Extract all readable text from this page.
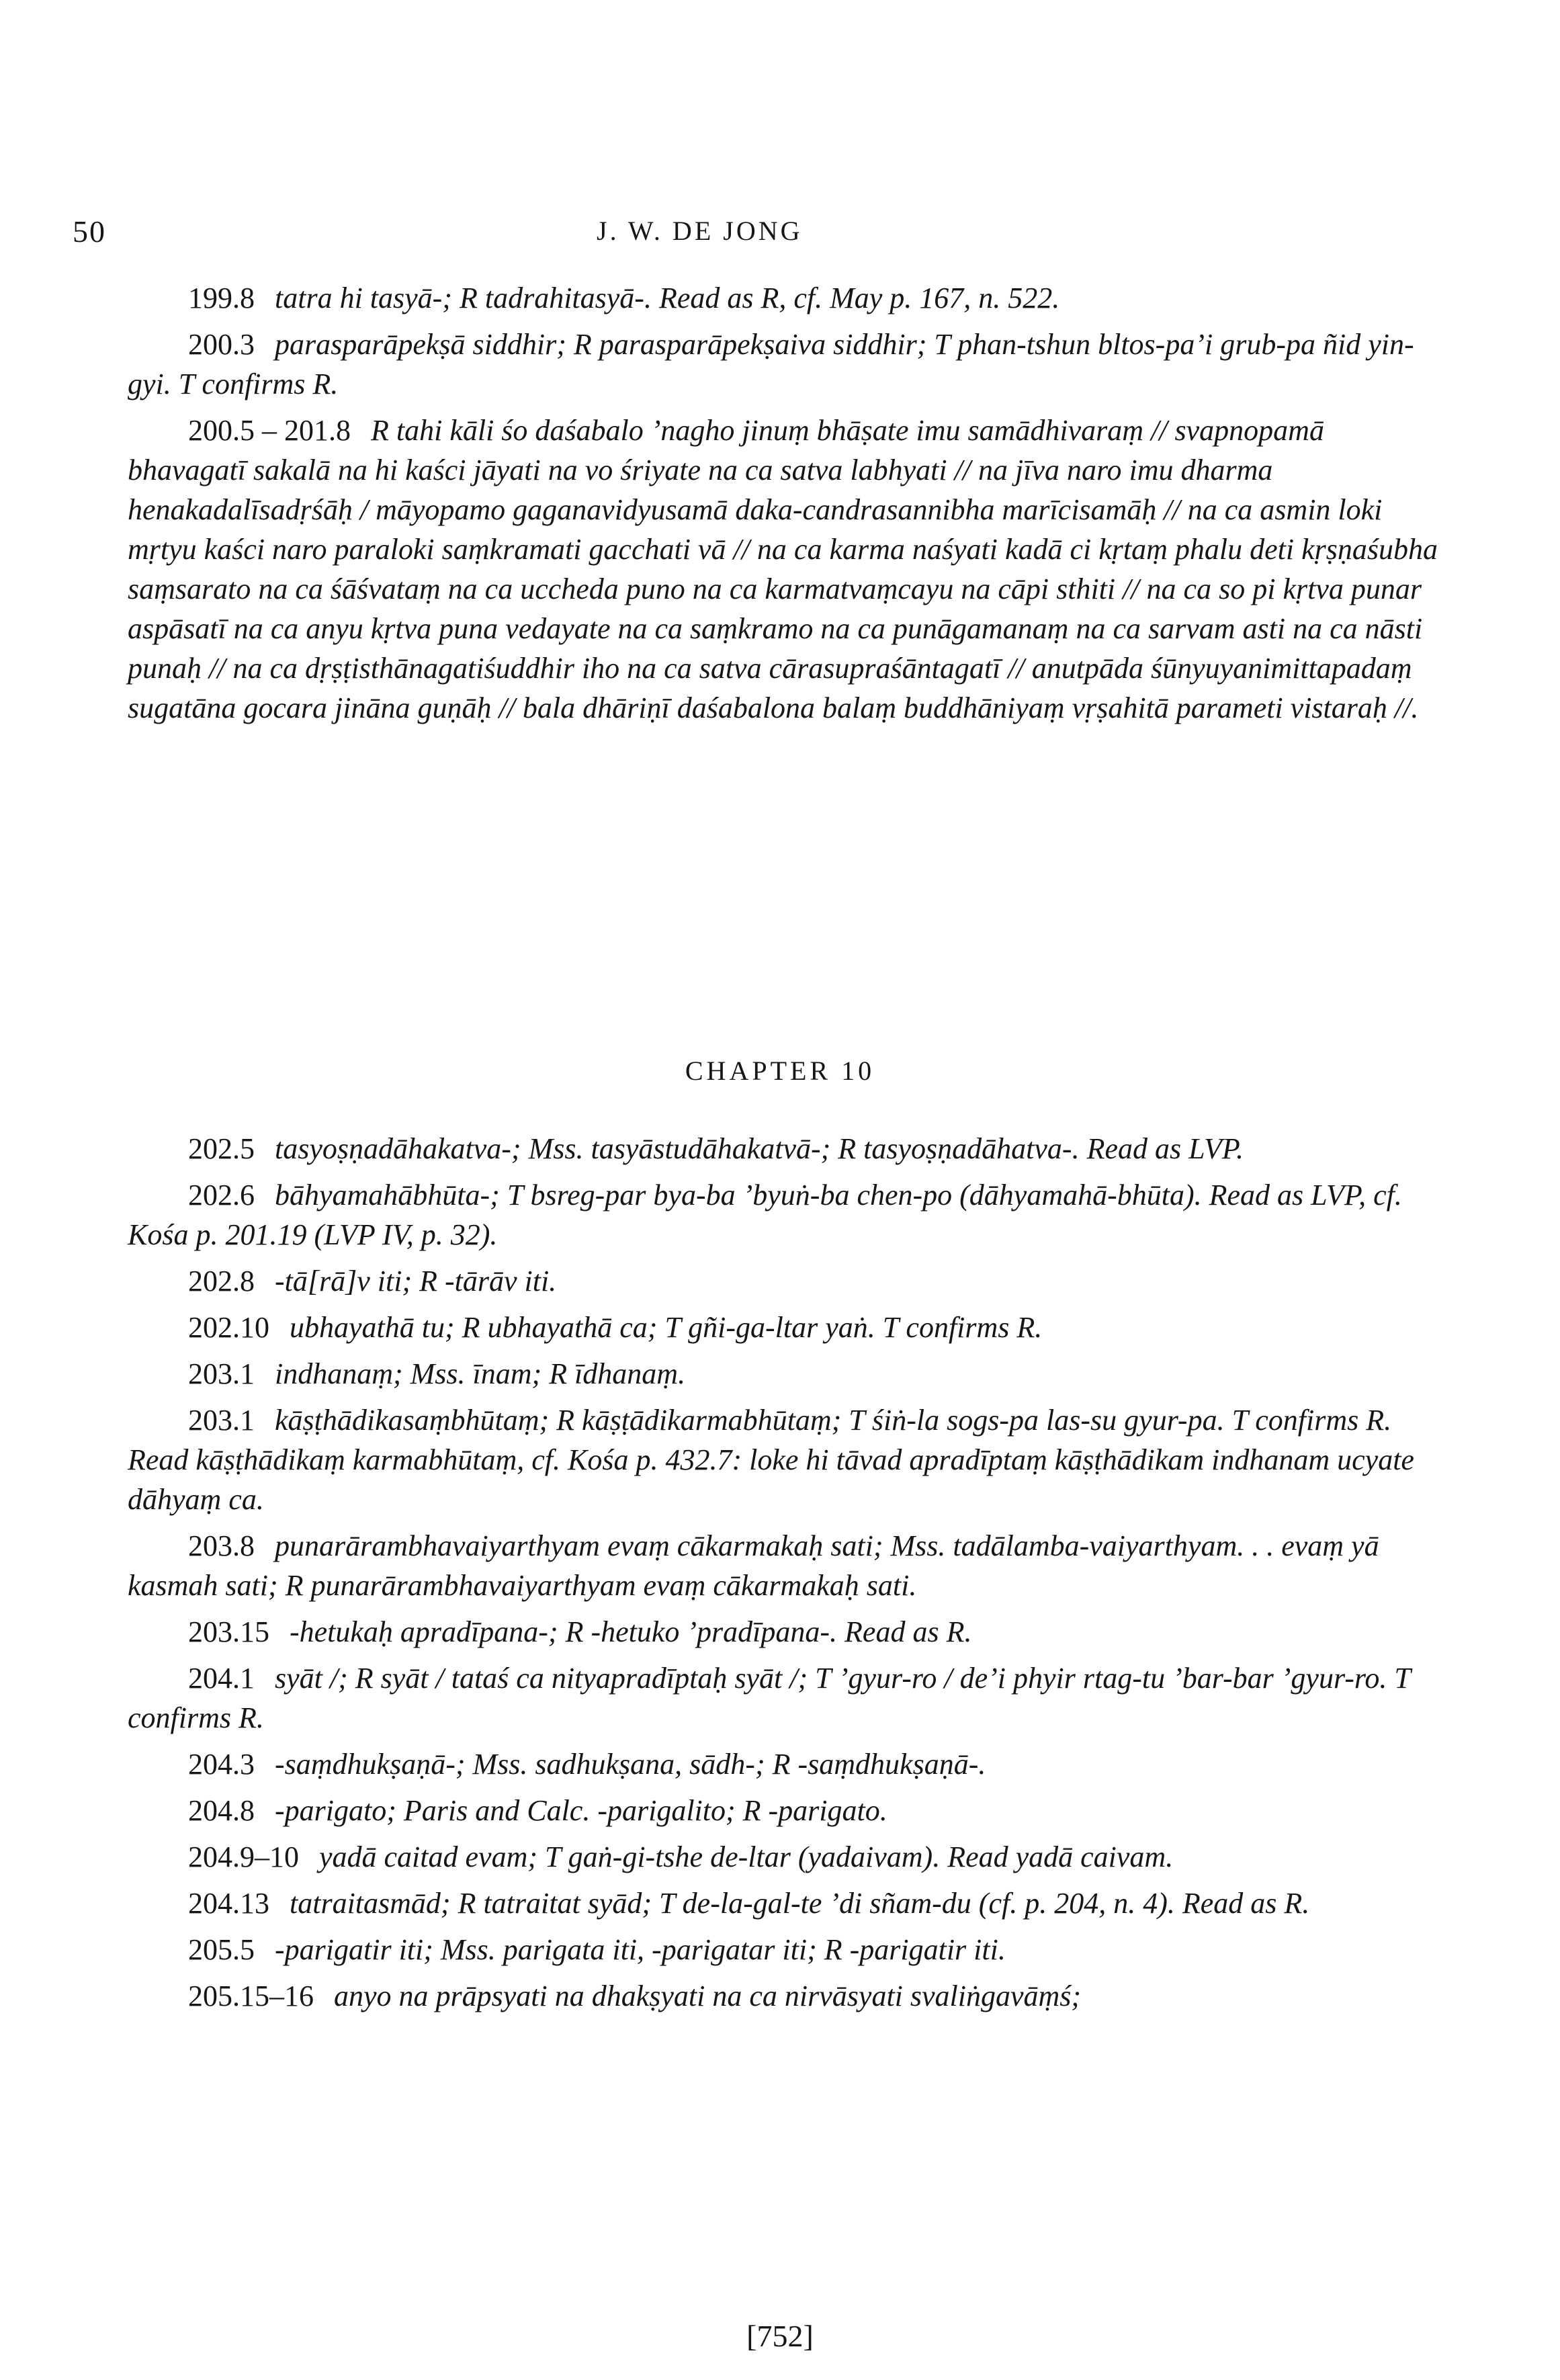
50	J. W. DE JONG

199.8 tatra hi tasyā-; R tadrahitasyā-. Read as R, cf. May p. 167, n. 522.

200.3 parasparāpekṣā siddhir; R parasparāpekṣaiva siddhir; T phan-tshun bltos-pa’i grub-pa ñid yin-gyi. T confirms R.

200.5 – 201.8 R tahi kāli śo daśabalo ’nagho jinuṃ bhāṣate imu samādhivaraṃ // svapnopamā bhavagatī sakalā na hi kaści jāyati na vo śriyate na ca satva labhyati // na jīva naro imu dharma henakadalīsadṛśāḥ / māyopamo gaganavidyusamā daka-candrasannibha marīcisamāḥ // na ca asmin loki mṛtyu kaści naro paraloki saṃkramati gacchati vā // na ca karma naśyati kadā ci kṛtaṃ phalu deti kṛṣṇaśubha saṃsarato na ca śāśvataṃ na ca uccheda puno na ca karmatvaṃcayu na cāpi sthiti // na ca so pi kṛtva punar aspāsatī na ca anyu kṛtva puna vedayate na ca saṃkramo na ca punāgamanaṃ na ca sarvam asti na ca nāsti punaḥ // na ca dṛṣṭisthānagatiśuddhir iho na ca satva cārasupraśāntagatī // anutpāda śūnyuyanimittapadaṃ sugatāna gocara jināna guṇāḥ // bala dhāriṇī daśabalona balaṃ buddhāniyaṃ vṛṣahitā parameti vistaraḥ //.

CHAPTER 10

202.5 tasyoṣṇadāhakatva-; Mss. tasyāstudāhakatvā-; R tasyoṣṇadāhatva-. Read as LVP.

202.6 bāhyamahābhūta-; T bsreg-par bya-ba ’byuṅ-ba chen-po (dāhyamahā-bhūta). Read as LVP, cf. Kośa p. 201.19 (LVP IV, p. 32).

202.8 -tā[rā]v iti; R -tārāv iti.

202.10 ubhayathā tu; R ubhayathā ca; T gñi-ga-ltar yaṅ. T confirms R.

203.1 indhanaṃ; Mss. īnam; R īdhanaṃ.

203.1 kāṣṭhādikasaṃbhūtaṃ; R kāṣṭādikarmabhūtaṃ; T śiṅ-la sogs-pa las-su gyur-pa. T confirms R. Read kāṣṭhādikaṃ karmabhūtaṃ, cf. Kośa p. 432.7: loke hi tāvad apradīptaṃ kāṣṭhādikam indhanam ucyate dāhyaṃ ca.

203.8 punarārambhavaiyarthyam evaṃ cākarmakaḥ sati; Mss. tadālamba-vaiyarthyam. . . evaṃ yā kasmah sati; R punarārambhavaiyarthyam evaṃ cākarmakaḥ sati.

203.15 -hetukaḥ apradīpana-; R -hetuko ’pradīpana-. Read as R.

204.1 syāt /; R syāt / tataś ca nityapradīptaḥ syāt /; T ’gyur-ro / de’i phyir rtag-tu ’bar-bar ’gyur-ro. T confirms R.

204.3 -saṃdhukṣaṇā-; Mss. sadhukṣana, sādh-; R -saṃdhukṣaṇā-.

204.8 -parigato; Paris and Calc. -parigalito; R -parigato.

204.9–10 yadā caitad evam; T gaṅ-gi-tshe de-ltar (yadaivam). Read yadā caivam.

204.13 tatraitasmād; R tatraitat syād; T de-la-gal-te ’di sñam-du (cf. p. 204, n. 4). Read as R.

205.5 -parigatir iti; Mss. parigata iti, -parigatar iti; R -parigatir iti.

205.15–16 anyo na prāpsyati na dhakṣyati na ca nirvāsyati svaliṅgavāṃś;

[752]
